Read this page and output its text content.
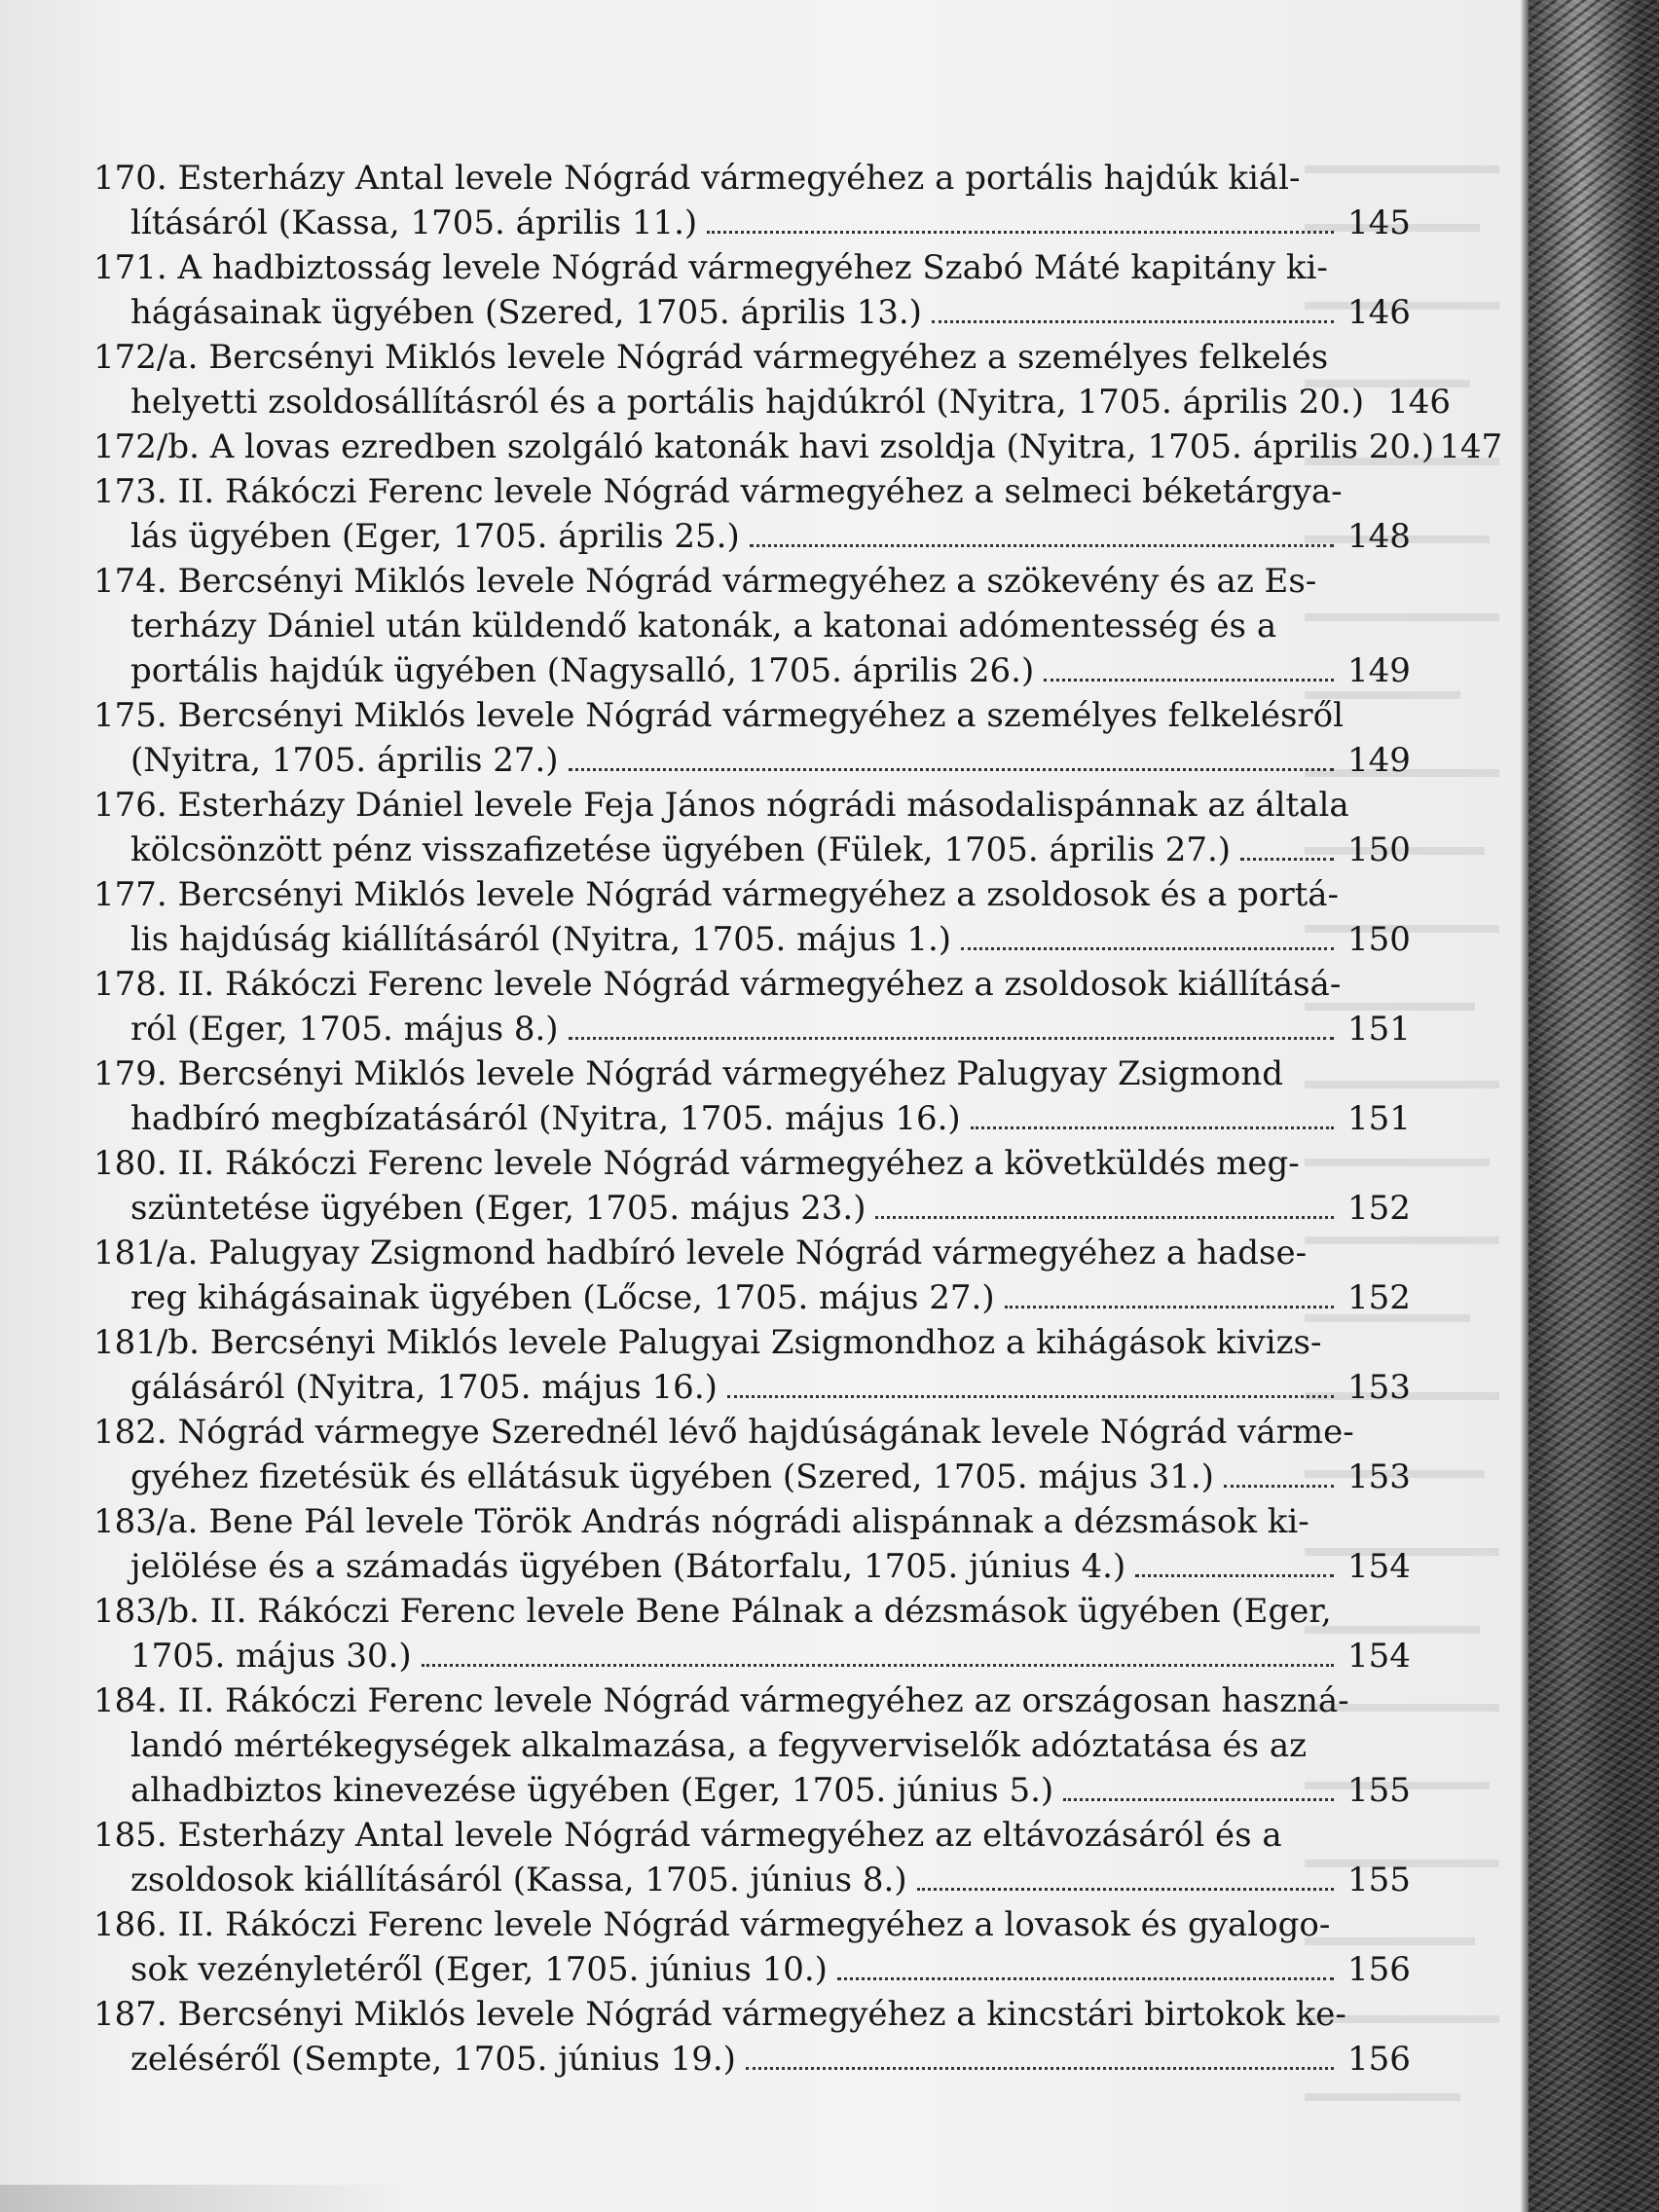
170. Esterházy Antal levele Nógrád vármegyéhez a portális hajdúk kiál-
lításáról (Kassa, 1705. április 11.)	145
171. A hadbiztosság levele Nógrád vármegyéhez Szabó Máté kapitány ki-
hágásainak ügyében (Szered, 1705. április 13.)	146
172/a. Bercsényi Miklós levele Nógrád vármegyéhez a személyes felkelés
helyetti zsoldosállításról és a portális hajdúkról (Nyitra, 1705. április 20.) 146
172/b. A lovas ezredben szolgáló katonák havi zsoldja (Nyitra, 1705. április 20.) 147
173. II. Rákóczi Ferenc levele Nógrád vármegyéhez a selmeci béketárgya-
lás ügyében (Eger, 1705. április 25.)	148
174. Bercsényi Miklós levele Nógrád vármegyéhez a szökevény és az Es-
terházy Dániel után küldendő katonák, a katonai adómentesség és a
portális hajdúk ügyében (Nagysalló, 1705. április 26.)	149
175. Bercsényi Miklós levele Nógrád vármegyéhez a személyes felkelésről
(Nyitra, 1705. április 27.)	149
176. Esterházy Dániel levele Feja János nógrádi másodalispánnak az általa
kölcsönzött pénz visszafizetése ügyében (Fülek, 1705. április 27.)	150
177. Bercsényi Miklós levele Nógrád vármegyéhez a zsoldosok és a portá-
lis hajdúság kiállításáról (Nyitra, 1705. május 1.)	150
178. II. Rákóczi Ferenc levele Nógrád vármegyéhez a zsoldosok kiállításá-
ról (Eger, 1705. május 8.)	151
179. Bercsényi Miklós levele Nógrád vármegyéhez Palugyay Zsigmond
hadbíró megbízatásáról (Nyitra, 1705. május 16.)	151
180. II. Rákóczi Ferenc levele Nógrád vármegyéhez a követküldés meg-
szüntetése ügyében (Eger, 1705. május 23.)	152
181/a. Palugyay Zsigmond hadbíró levele Nógrád vármegyéhez a hadse-
reg kihágásainak ügyében (Lőcse, 1705. május 27.)	152
181/b. Bercsényi Miklós levele Palugyai Zsigmondhoz a kihágások kivizs-
gálásáról (Nyitra, 1705. május 16.)	153
182. Nógrád vármegye Szerednél lévő hajdúságának levele Nógrád várme-
gyéhez fizetésük és ellátásuk ügyében (Szered, 1705. május 31.)	153
183/a. Bene Pál levele Török András nógrádi alispánnak a dézsmások ki-
jelölése és a számadás ügyében (Bátorfalu, 1705. június 4.)	154
183/b. II. Rákóczi Ferenc levele Bene Pálnak a dézsmások ügyében (Eger,
1705. május 30.)	154
184. II. Rákóczi Ferenc levele Nógrád vármegyéhez az országosan haszná-
landó mértékegységek alkalmazása, a fegyverviselők adóztatása és az
alhadbiztos kinevezése ügyében (Eger, 1705. június 5.)	155
185. Esterházy Antal levele Nógrád vármegyéhez az eltávozásáról és a
zsoldosok kiállításáról (Kassa, 1705. június 8.)	155
186. II. Rákóczi Ferenc levele Nógrád vármegyéhez a lovasok és gyalogo-
sok vezényletéről (Eger, 1705. június 10.)	156
187. Bercsényi Miklós levele Nógrád vármegyéhez a kincstári birtokok ke-
zeléséről (Sempte, 1705. június 19.)	156
